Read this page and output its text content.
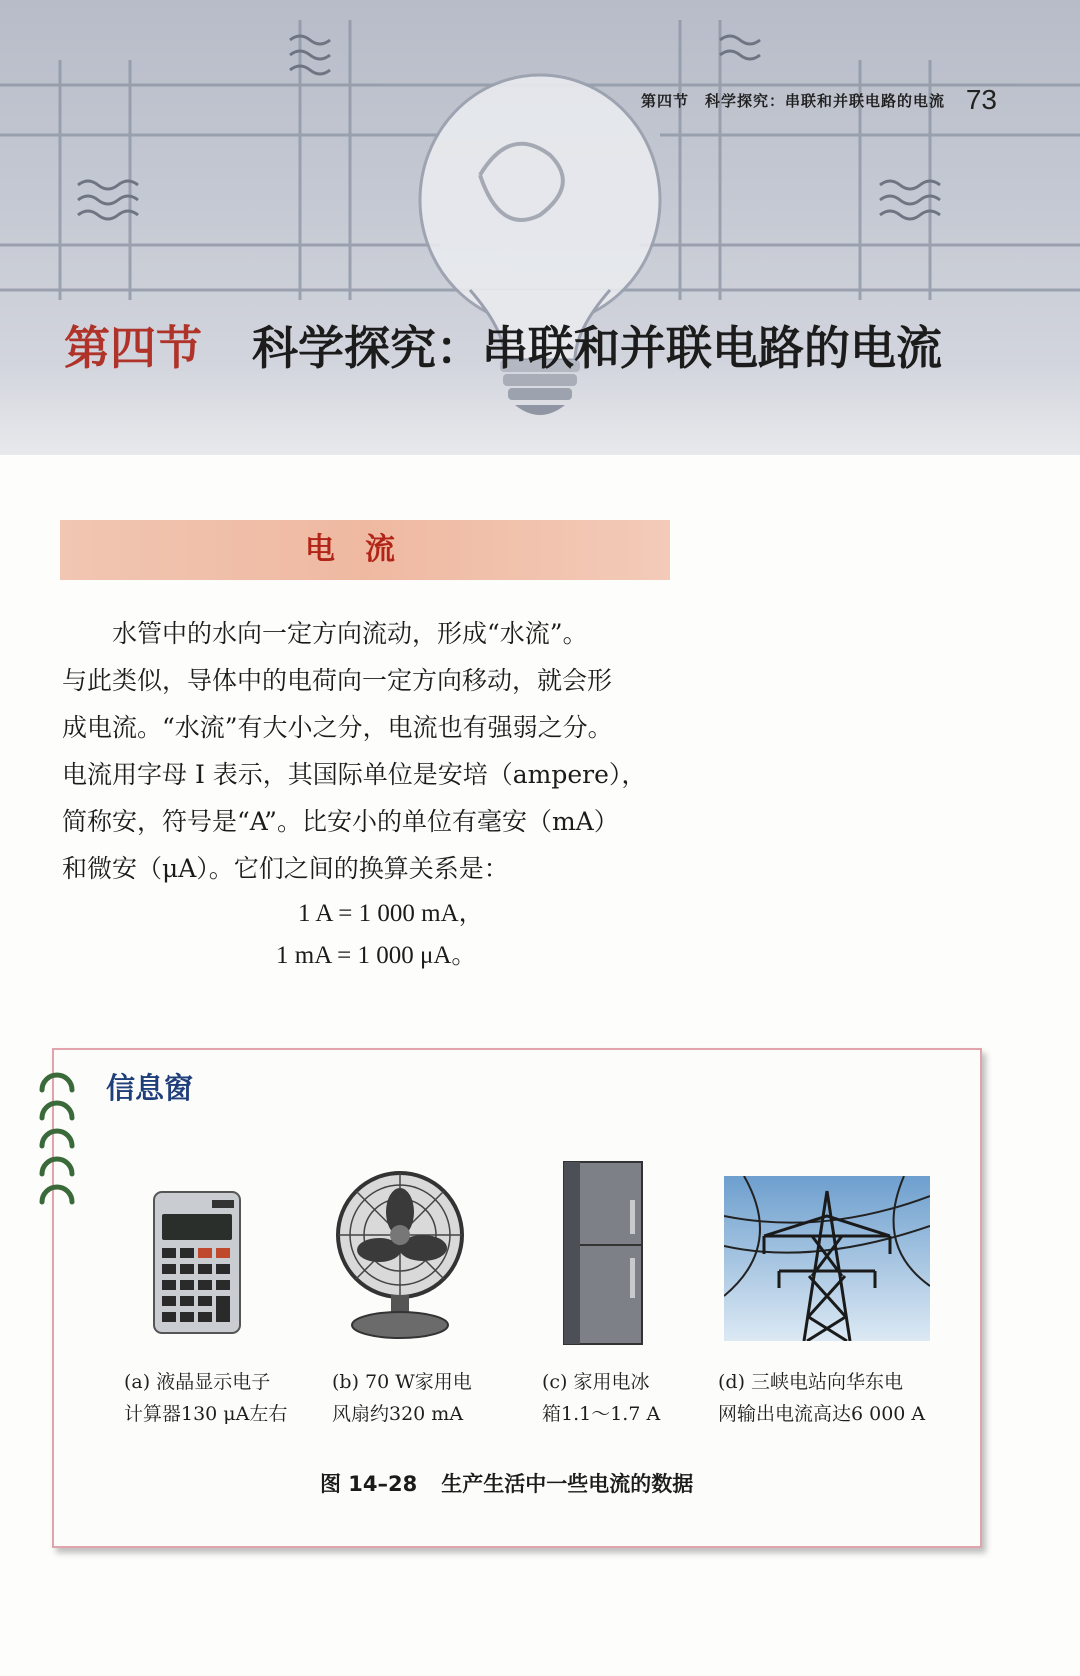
第四节　科学探究：串联和并联电路的电流 73
第四节 科学探究：串联和并联电路的电流
电流

水管中的水向一定方向流动，形成“水流”。

与此类似，导体中的电荷向一定方向移动，就会形
成电流。“水流”有大小之分，电流也有强弱之分。
电流用字母 I 表示，其国际单位是安培（ampere），
简称安，符号是“A”。比安小的单位有毫安（mA）
和微安（μA）。它们之间的换算关系是：
1 A = 1 000 mA，
1 mA = 1 000 μA。
信息窗
(a) 液晶显示电子
计算器130 μA左右
(b) 70 W家用电
风扇约320 mA
(c) 家用电冰
箱1.1～1.7 A
(d) 三峡电站向华东电
网输出电流高达6 000 A
图 14–28 生产生活中一些电流的数据
